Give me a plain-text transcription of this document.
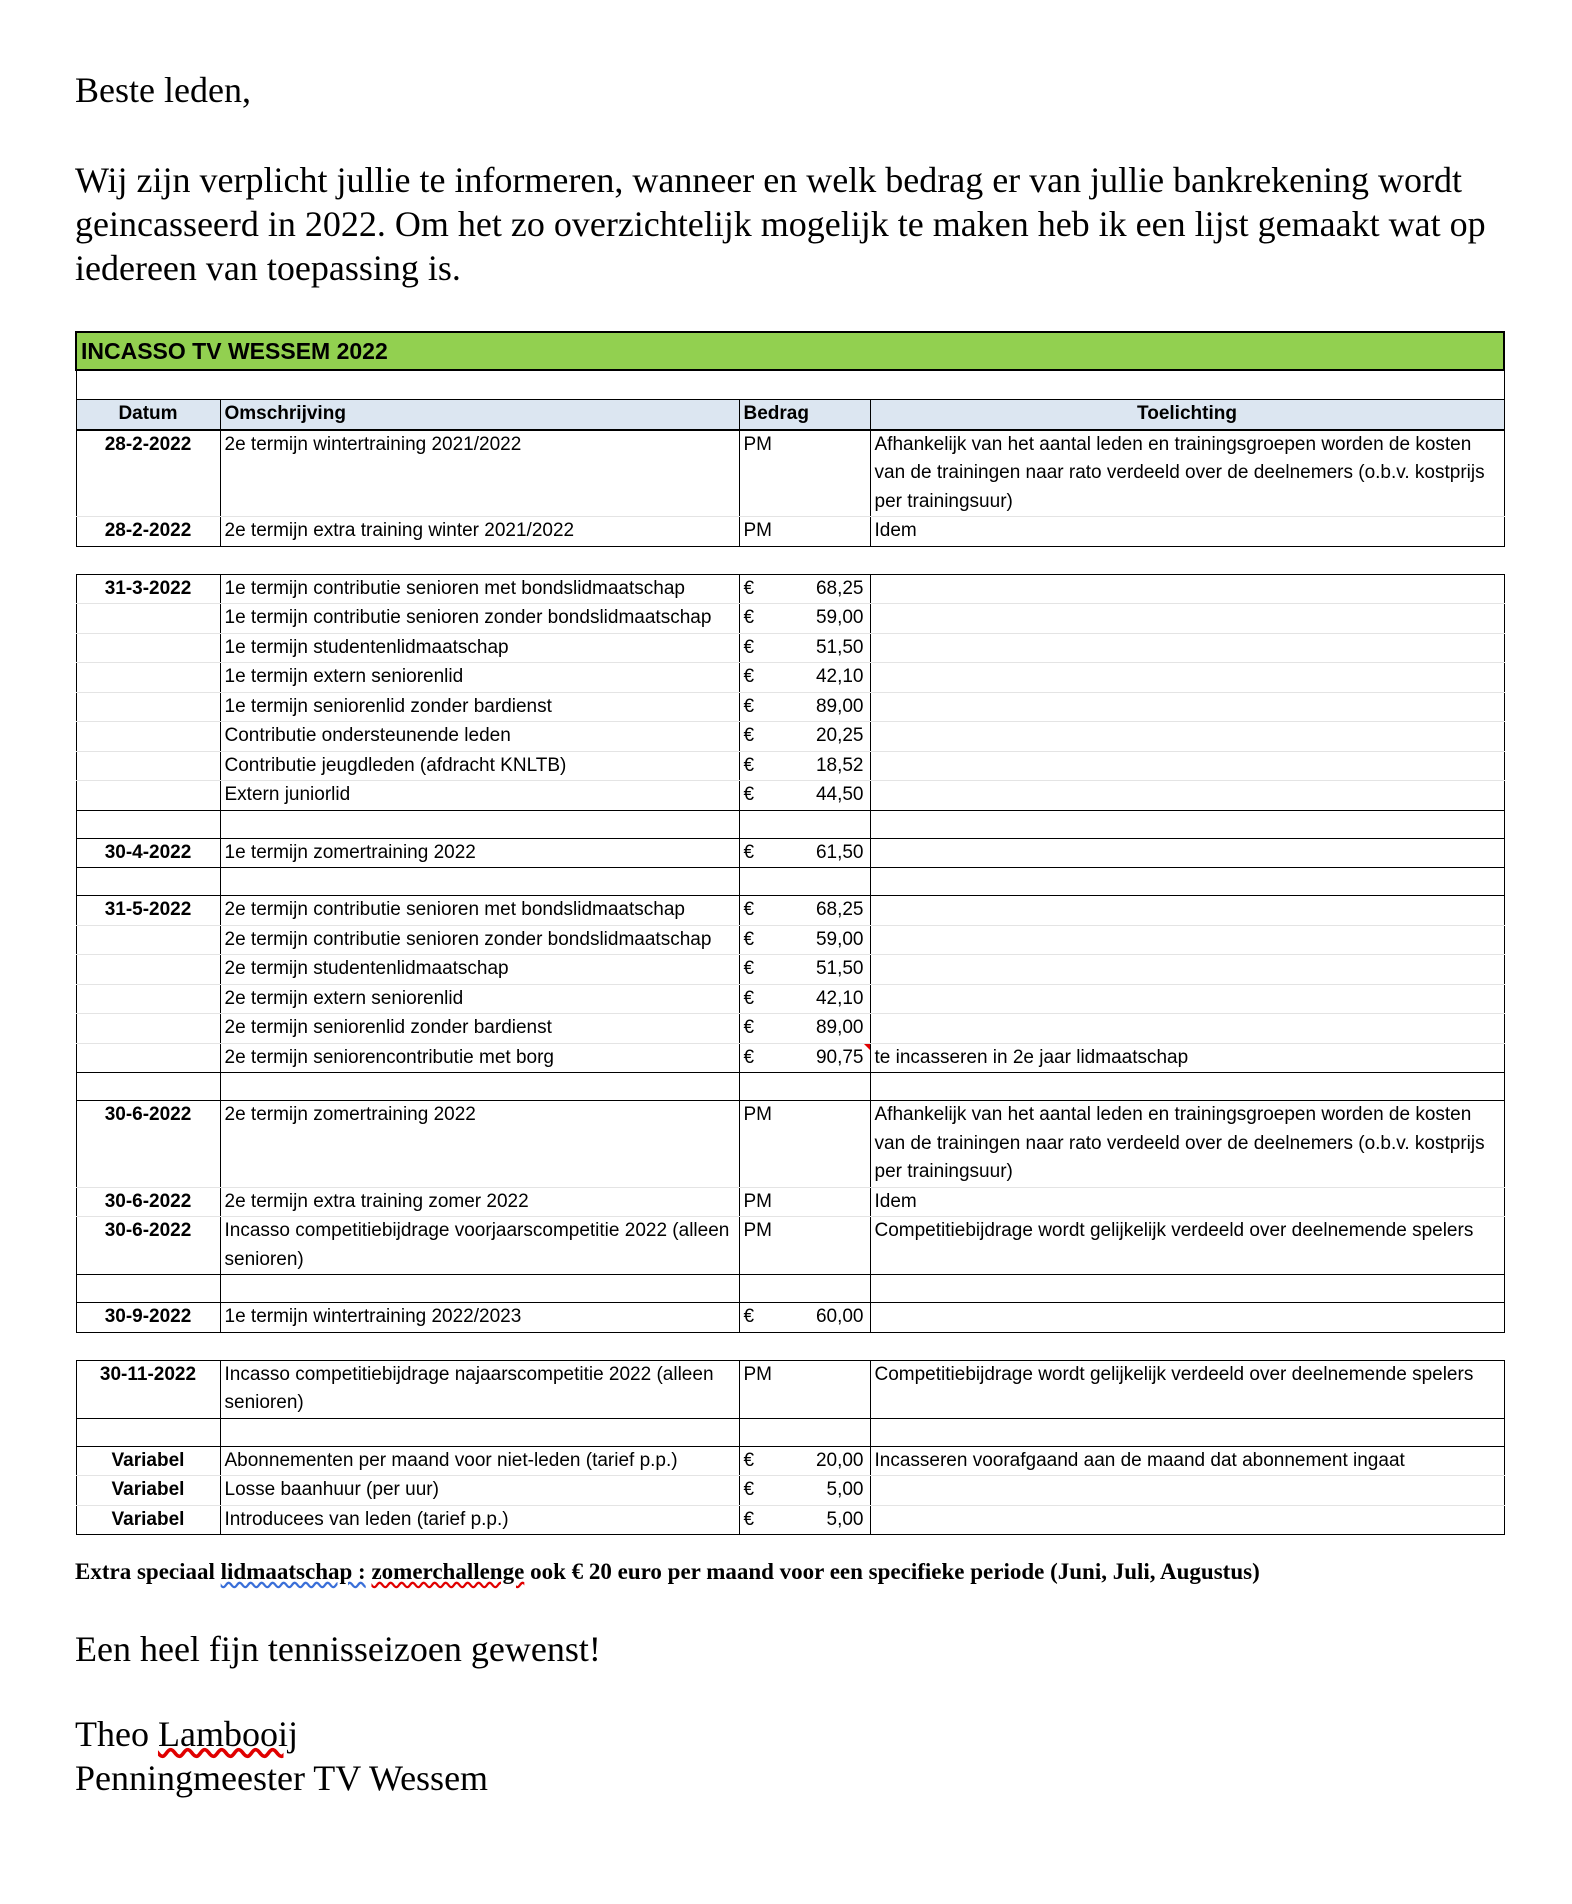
Beste leden,

Wij zijn verplicht jullie te informeren, wanneer en welk bedrag er van jullie bankrekening wordt geincasseerd in 2022. Om het zo overzichtelijk mogelijk te maken heb ik een lijst gemaakt wat op iedereen van toepassing is.

INCASSO TV WESSEM 2022			

Datum	Omschrijving	Bedrag	Toelichting
28-2-2022	2e termijn wintertraining 2021/2022	PM	Afhankelijk van het aantal leden en trainingsgroepen worden de kosten van de trainingen naar rato verdeeld over de deelnemers (o.b.v. kostprijs per trainingsuur)
28-2-2022	2e termijn extra training winter 2021/2022	PM	Idem

31-3-2022	1e termijn contributie senioren met bondslidmaatschap	€ 68,25	
	1e termijn contributie senioren zonder bondslidmaatschap	€ 59,00	
	1e termijn studentenlidmaatschap	€ 51,50	
	1e termijn extern seniorenlid	€ 42,10	
	1e termijn seniorenlid zonder bardienst	€ 89,00	
	Contributie ondersteunende leden	€ 20,25	
	Contributie jeugdleden (afdracht KNLTB)	€ 18,52	
	Extern juniorlid	€ 44,50	

30-4-2022	1e termijn zomertraining 2022	€ 61,50	

31-5-2022	2e termijn contributie senioren met bondslidmaatschap	€ 68,25	
	2e termijn contributie senioren zonder bondslidmaatschap	€ 59,00	
	2e termijn studentenlidmaatschap	€ 51,50	
	2e termijn extern seniorenlid	€ 42,10	
	2e termijn seniorenlid zonder bardienst	€ 89,00	
	2e termijn seniorencontributie met borg	€ 90,75	te incasseren in 2e jaar lidmaatschap

30-6-2022	2e termijn zomertraining 2022	PM	Afhankelijk van het aantal leden en trainingsgroepen worden de kosten van de trainingen naar rato verdeeld over de deelnemers (o.b.v. kostprijs per trainingsuur)
30-6-2022	2e termijn extra training zomer 2022	PM	Idem
30-6-2022	Incasso competitiebijdrage voorjaarscompetitie 2022 (alleen senioren)	PM	Competitiebijdrage wordt gelijkelijk verdeeld over deelnemende spelers

30-9-2022	1e termijn wintertraining 2022/2023	€ 60,00	

30-11-2022	Incasso competitiebijdrage najaarscompetitie 2022 (alleen senioren)	PM	Competitiebijdrage wordt gelijkelijk verdeeld over deelnemende spelers

Variabel	Abonnementen per maand voor niet-leden (tarief p.p.)	€ 20,00	Incasseren voorafgaand aan de maand dat abonnement ingaat
Variabel	Losse baanhuur (per uur)	€ 5,00	
Variabel	Introducees van leden (tarief p.p.)	€ 5,00	

Extra speciaal lidmaatschap : zomerchallenge ook € 20 euro per maand voor een specifieke periode (Juni, Juli, Augustus)

Een heel fijn tennisseizoen gewenst!

Theo Lambooij
Penningmeester TV Wessem
